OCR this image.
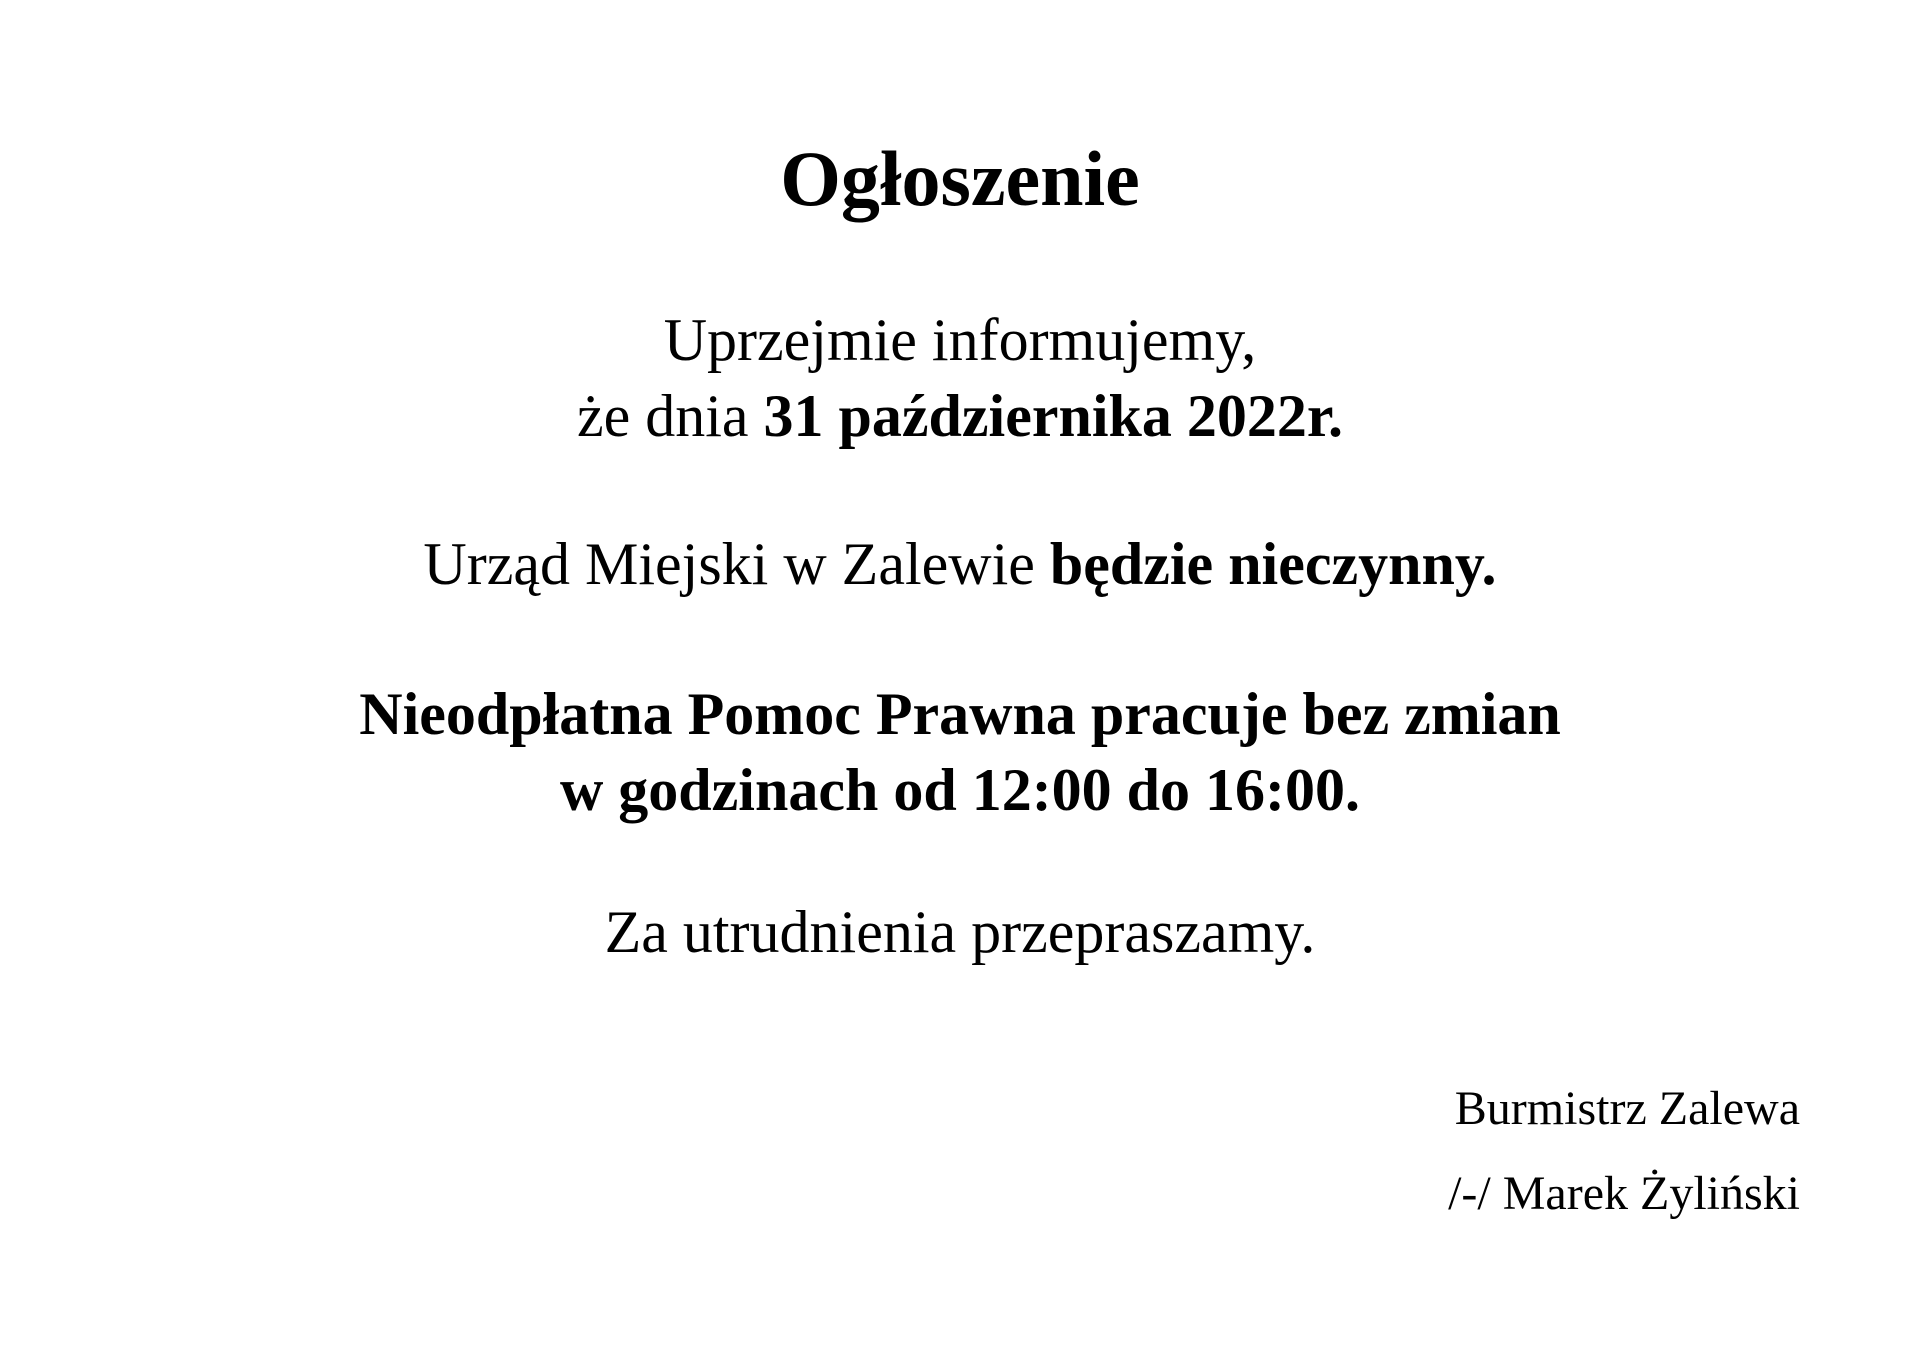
Ogłoszenie
Uprzejmie informujemy,
że dnia 31 października 2022r.
Urząd Miejski w Zalewie będzie nieczynny.
Nieodpłatna Pomoc Prawna pracuje bez zmian
w godzinach od 12:00 do 16:00.
Za utrudnienia przepraszamy.
Burmistrz Zalewa
/-/ Marek Żyliński
